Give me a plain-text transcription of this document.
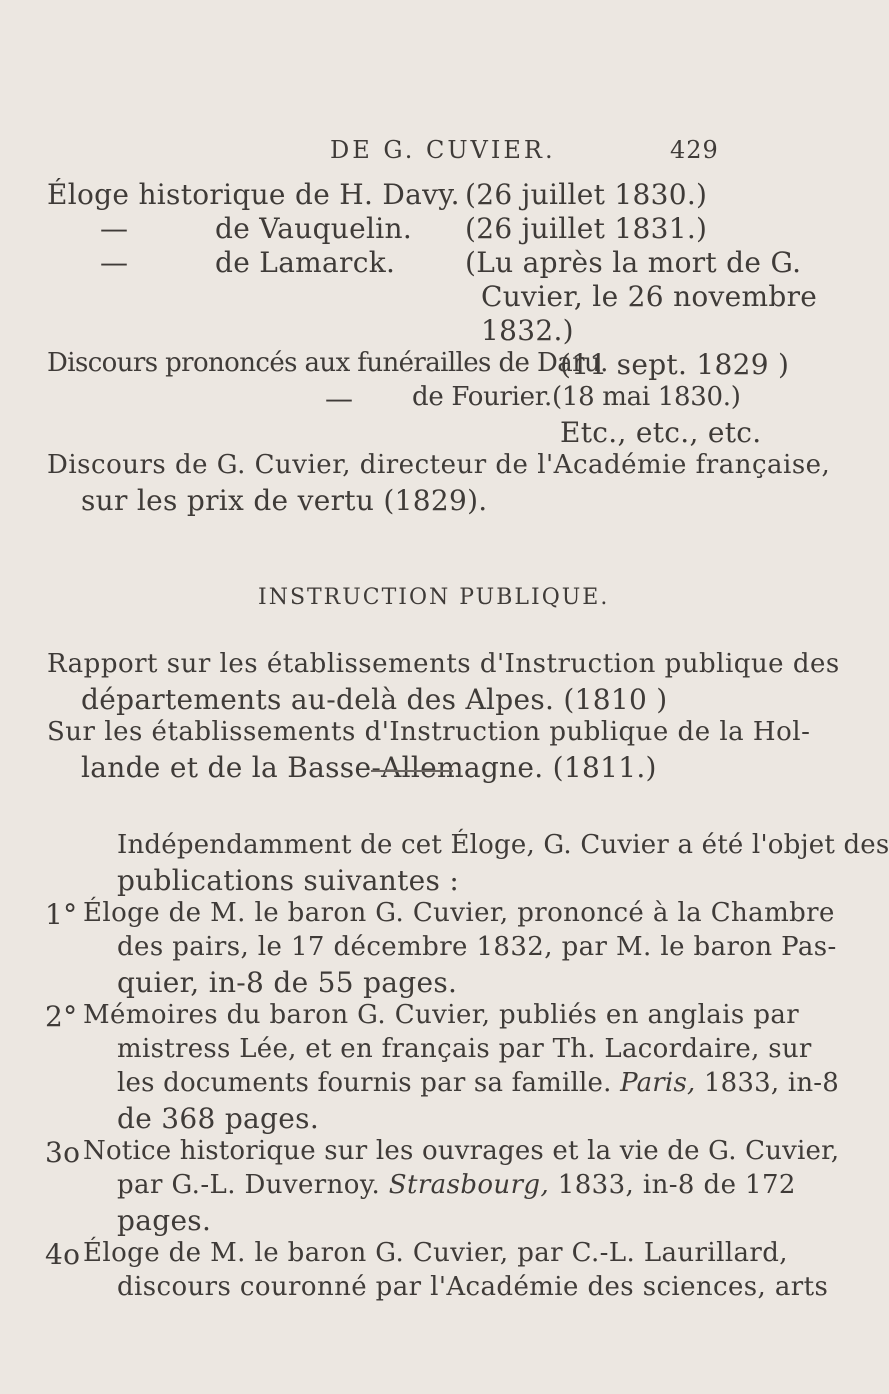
DE G. CUVIER.	429
Éloge historique de H. Davy. (26 juillet 1830.)
—	de Vauquelin. (26 juillet 1831.)
—	de Lamarck. (Lu après la mort de G.
Cuvier, le 26 novembre
1832.)
Discours prononcés aux funérailles de Daru.
(11 sept. 1829 )
— de Fourier.(18 mai 1830.)
Etc., etc., etc.
Discours de G. Cuvier, directeur de l'Académie française,
sur les prix de vertu (1829).
INSTRUCTION PUBLIQUE.
Rapport sur les établissements d'Instruction publique des
départements au-delà des Alpes. (1810 )
Sur les établissements d'Instruction publique de la Hol-
lande et de la Basse-Allemagne. (1811.)
Indépendamment de cet Éloge, G. Cuvier a été l'objet des
publications suivantes :
1° Éloge de M. le baron G. Cuvier, prononcé à la Chambre
des pairs, le 17 décembre 1832, par M. le baron Pas-
quier, in-8 de 55 pages.
2° Mémoires du baron G. Cuvier, publiés en anglais par
mistress Lée, et en français par Th. Lacordaire, sur
les documents fournis par sa famille. Paris, 1833, in-8
de 368 pages.
3o Notice historique sur les ouvrages et la vie de G. Cuvier,
par G.-L. Duvernoy. Strasbourg, 1833, in-8 de 172
pages.
4o Éloge de M. le baron G. Cuvier, par C.-L. Laurillard,
discours couronné par l'Académie des sciences, arts
